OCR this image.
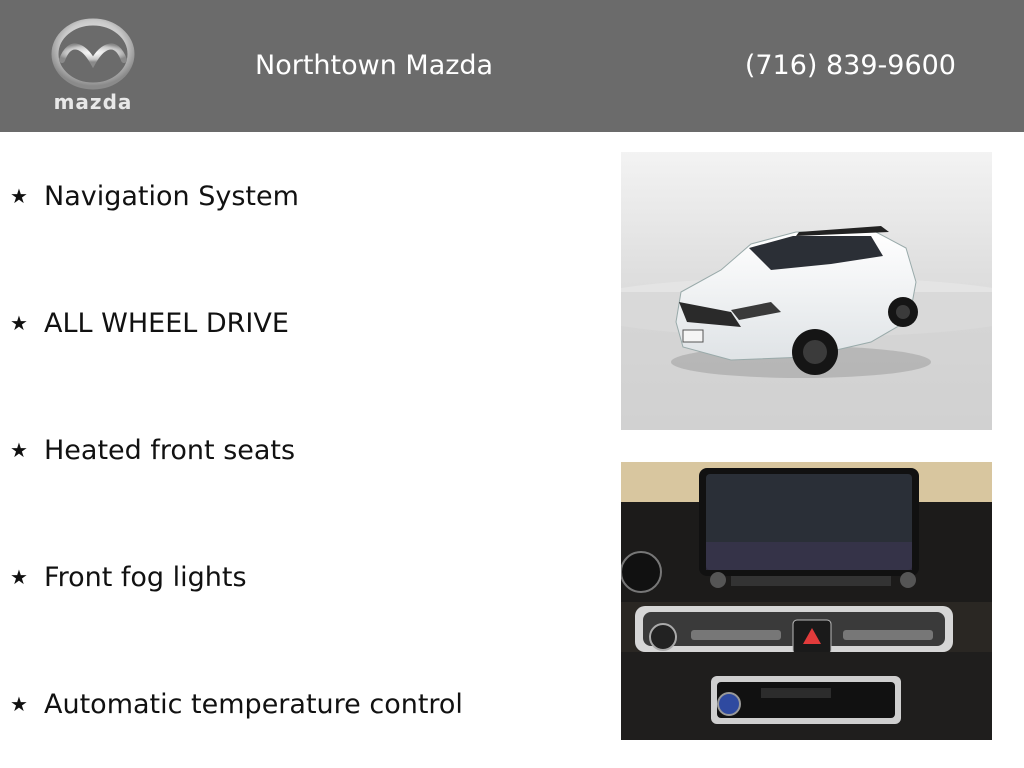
mazda
Northtown Mazda	(716) 839-9600
★ Navigation System
★ ALL WHEEL DRIVE
★ Heated front seats
★ Front fog lights
★ Automatic temperature control
